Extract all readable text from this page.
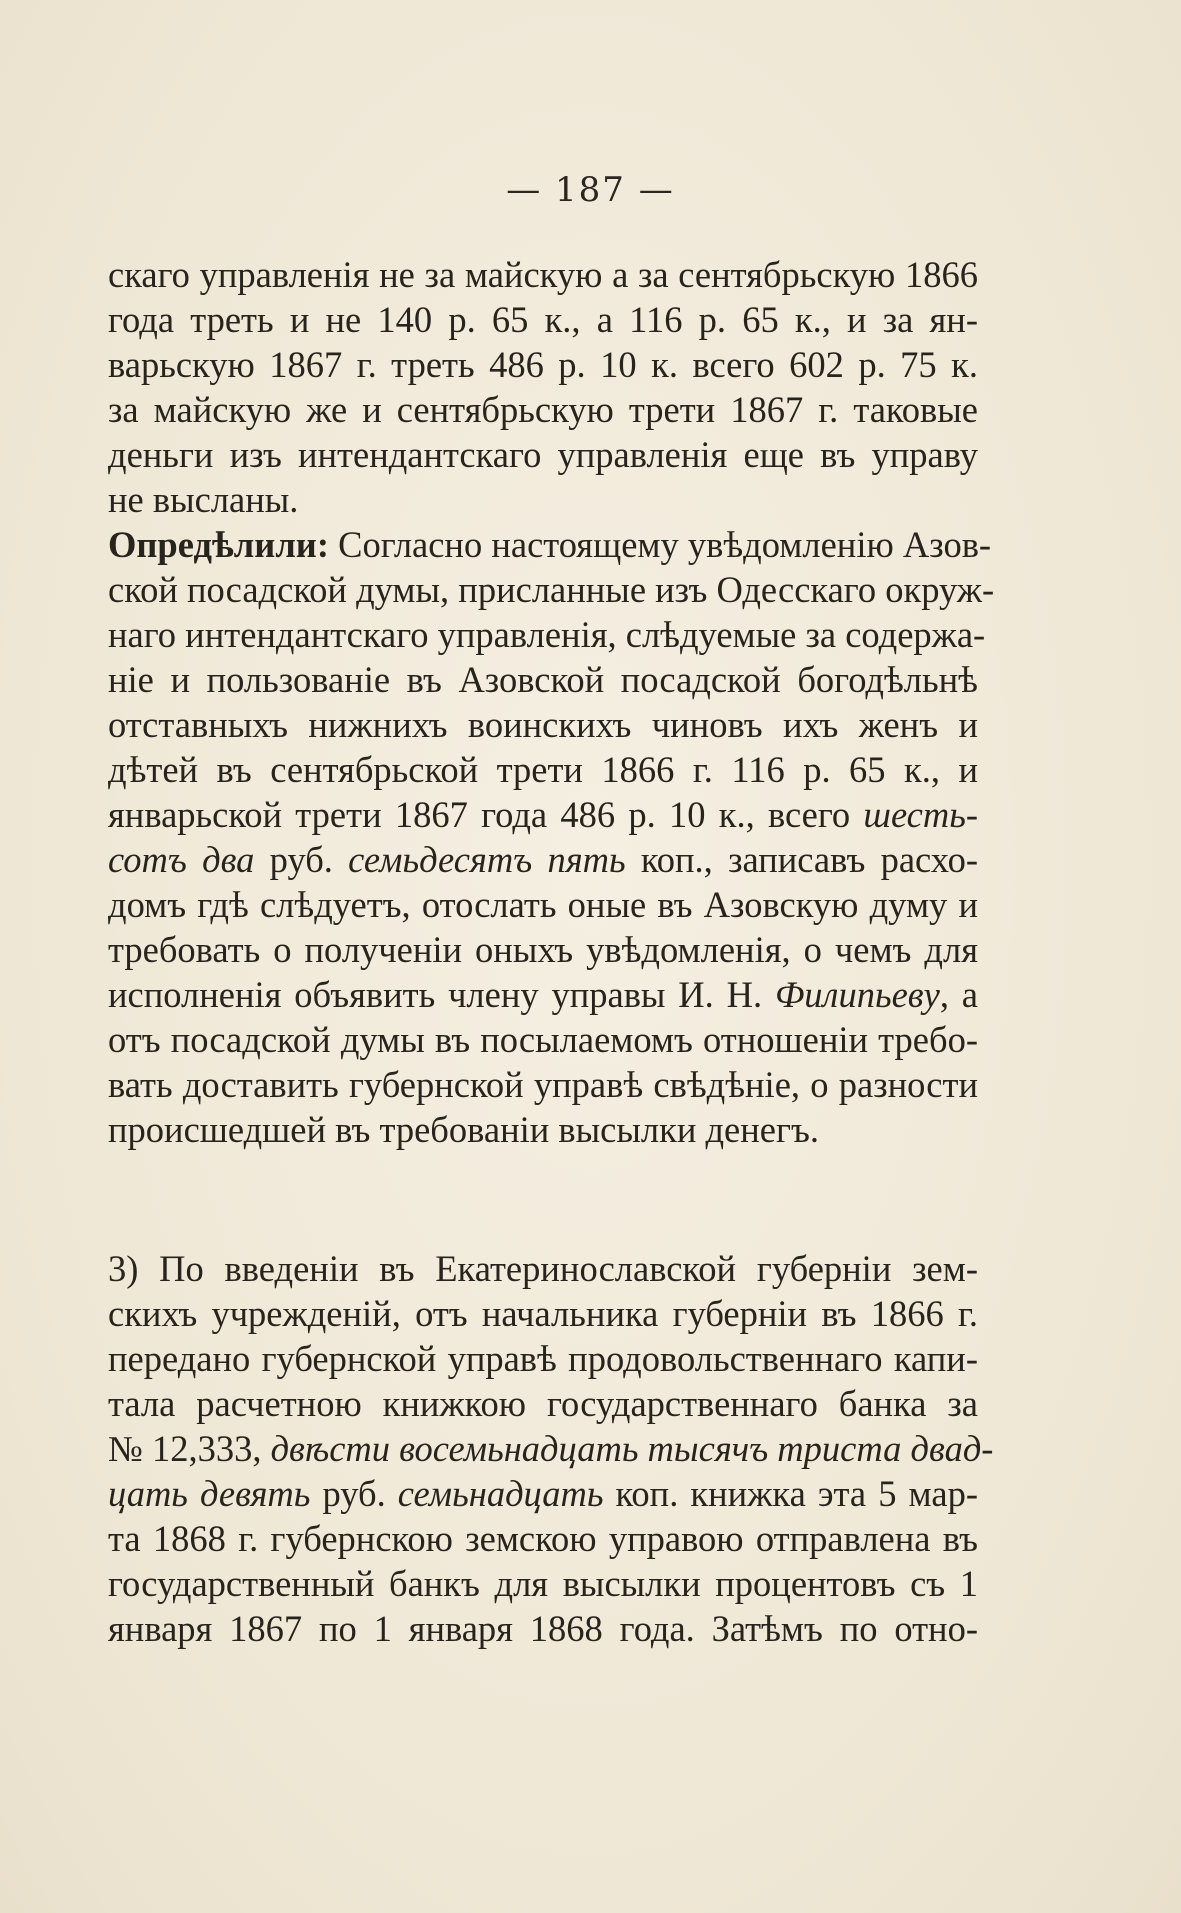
— 187 —
скаго управленія не за майскую а за сентябрьскую 1866
года треть и не 140 р. 65 к., а 116 р. 65 к., и за ян-
варьскую 1867 г. треть 486 р. 10 к. всего 602 р. 75 к.
за майскую же и сентябрьскую трети 1867 г. таковые
деньги изъ интендантскаго управленія еще въ управу
не высланы.
Опредѣлили: Согласно настоящему увѣдомленію Азов-
ской посадской думы, присланные изъ Одесскаго окруж-
наго интендантскаго управленія, слѣдуемые за содержа-
ніе и пользованіе въ Азовской посадской богодѣльнѣ
отставныхъ нижнихъ воинскихъ чиновъ ихъ женъ и
дѣтей въ сентябрьской трети 1866 г. 116 р. 65 к., и
январьской трети 1867 года 486 р. 10 к., всего шесть-
сотъ два руб. семьдесятъ пять коп., записавъ расхо-
домъ гдѣ слѣдуетъ, отослать оные въ Азовскую думу и
требовать о полученіи оныхъ увѣдомленія, о чемъ для
исполненія объявить члену управы И. Н. Филипьеву, а
отъ посадской думы въ посылаемомъ отношеніи требо-
вать доставить губернской управѣ свѣдѣніе, о разности
происшедшей въ требованіи высылки денегъ.
3) По введеніи въ Екатеринославской губерніи зем-
скихъ учрежденій, отъ начальника губерніи въ 1866 г.
передано губернской управѣ продовольственнаго капи-
тала расчетною книжкою государственнаго банка за
№ 12,333, двѣсти восемьнадцать тысячъ триста двад-
цать девять руб. семьнадцать коп. книжка эта 5 мар-
та 1868 г. губернскою земскою управою отправлена въ
государственный банкъ для высылки процентовъ съ 1
января 1867 по 1 января 1868 года. Затѣмъ по отно-
